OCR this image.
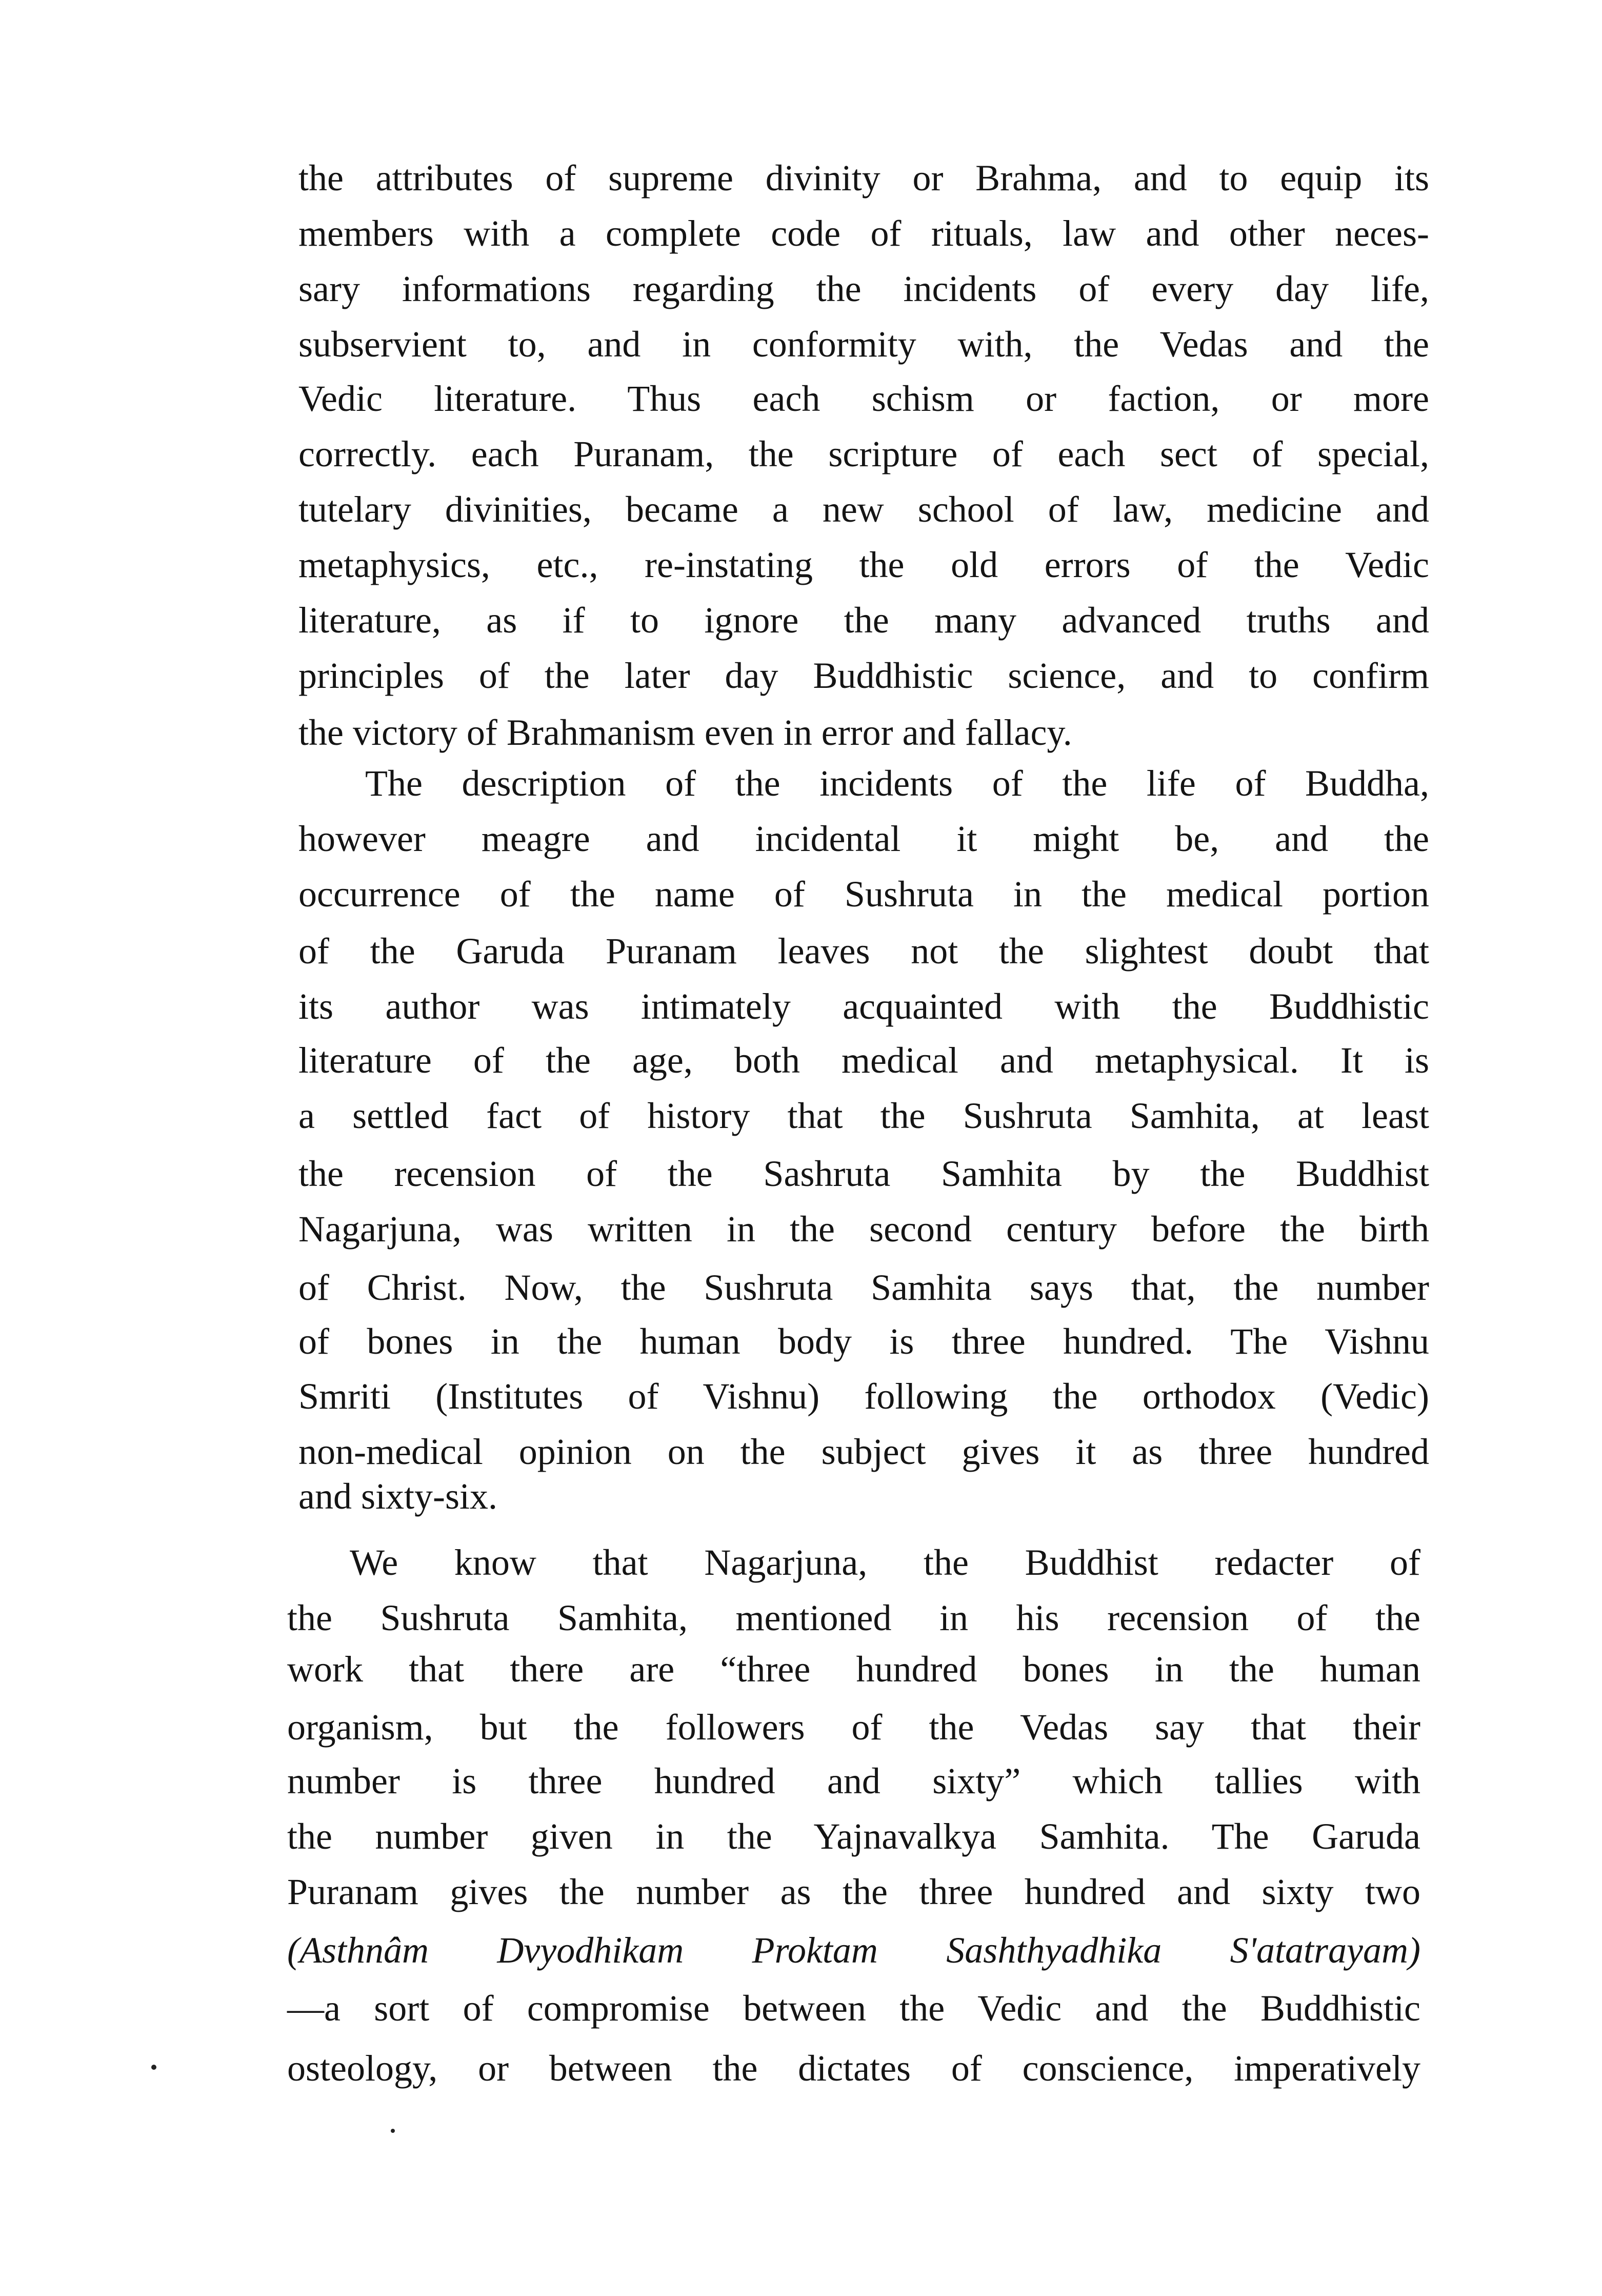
the attributes of supreme divinity or Brahma, and to equip its
members with a complete code of rituals, law and other neces-
sary informations regarding the incidents of every day life,
subservient to, and in conformity with, the Vedas and the
Vedic literature. Thus each schism or faction, or more
correctly. each Puranam, the scripture of each sect of special,
tutelary divinities, became a new school of law, medicine and
metaphysics, etc., re-instating the old errors of the Vedic
literature, as if to ignore the many advanced truths and
principles of the later day Buddhistic science, and to confirm
the victory of Brahmanism even in error and fallacy.
The description of the incidents of the life of Buddha,
however meagre and incidental it might be, and the
occurrence of the name of Sushruta in the medical portion
of the Garuda Puranam leaves not the slightest doubt that
its author was intimately acquainted with the Buddhistic
literature of the age, both medical and metaphysical. It is
a settled fact of history that the Sushruta Samhita, at least
the recension of the Sashruta Samhita by the Buddhist
Nagarjuna, was written in the second century before the birth
of Christ. Now, the Sushruta Samhita says that, the number
of bones in the human body is three hundred. The Vishnu
Smriti (Institutes of Vishnu) following the orthodox (Vedic)
non-medical opinion on the subject gives it as three hundred
and sixty-six.
We know that Nagarjuna, the Buddhist redacter of
the Sushruta Samhita, mentioned in his recension of the
work that there are “three hundred bones in the human
organism, but the followers of the Vedas say that their
number is three hundred and sixty” which tallies with
the number given in the Yajnavalkya Samhita. The Garuda
Puranam gives the number as the three hundred and sixty two
(Asthnâm Dvyodhikam Proktam Sashthyadhika S'atatrayam)
—a sort of compromise between the Vedic and the Buddhistic
osteology, or between the dictates of conscience, imperatively
